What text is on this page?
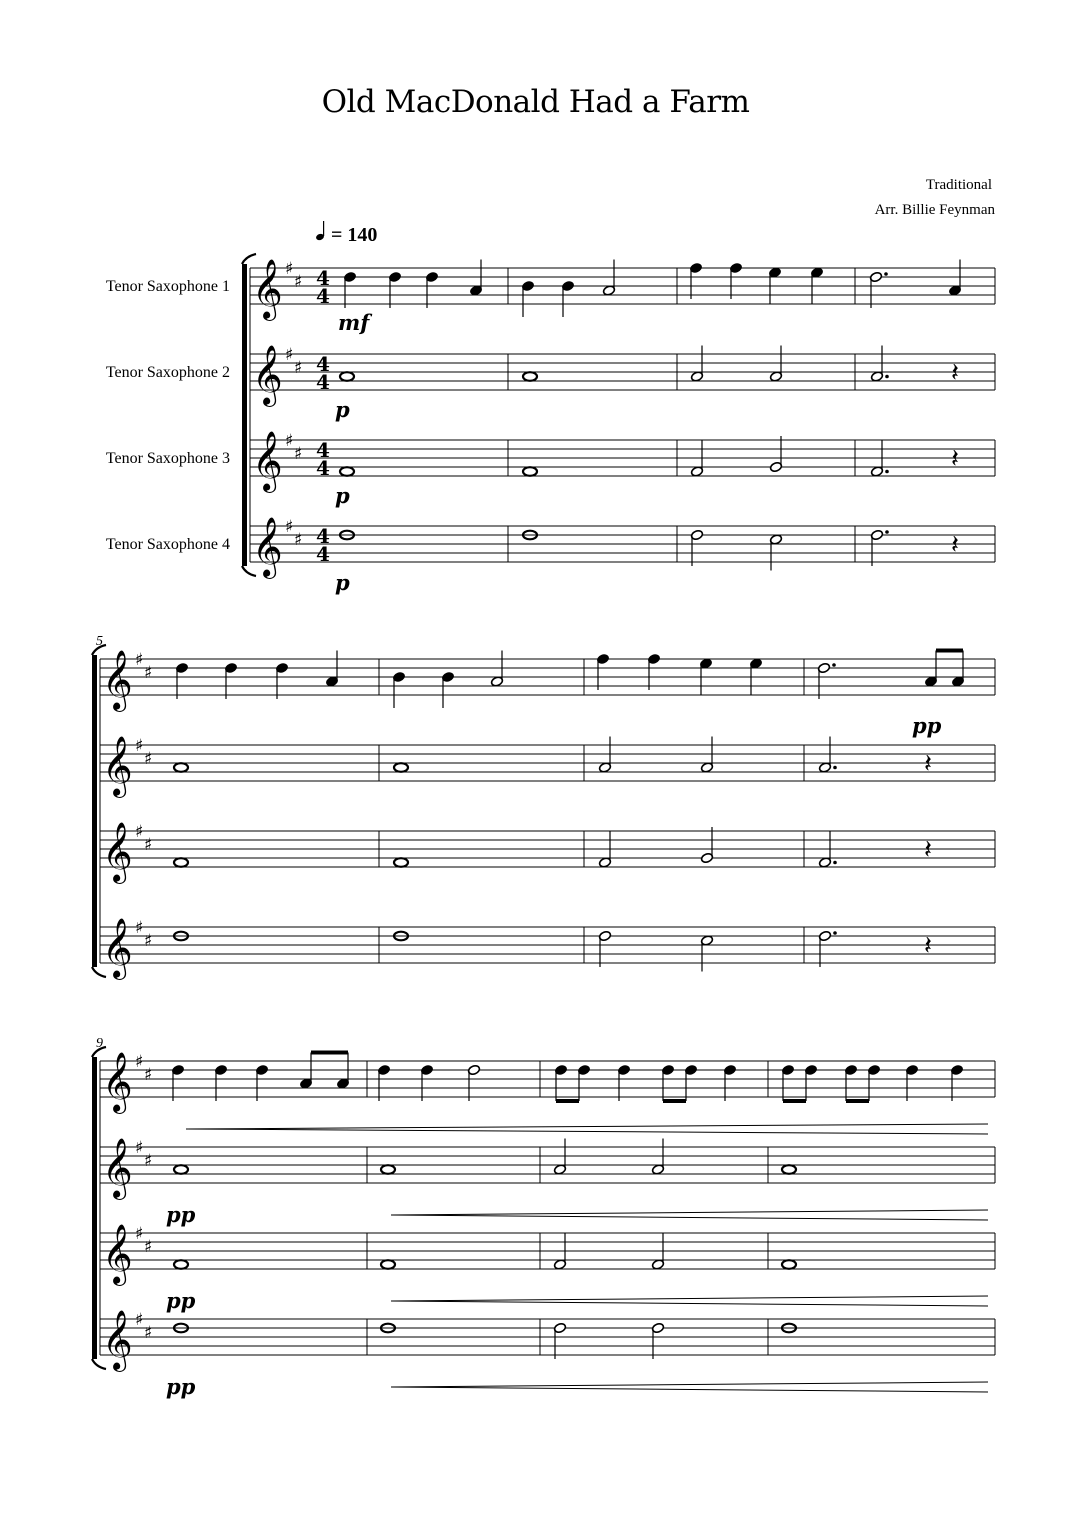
Old MacDonald Had a Farm
Traditional
Arr. Billie Feynman
= 140
Tenor Saxophone 1
Tenor Saxophone 2
Tenor Saxophone 3
Tenor Saxophone 4
5
9
mf
p
p
p
pp
pp
pp
pp
𝄞 ♯
♯ 4
4
𝄞 ♯
♯ 4
4
𝄞 ♯
♯ 4
4
𝄞 ♯
♯ 4
4
𝄽
𝄽
𝄽
𝄞 ♯
♯
𝄞 ♯
♯
𝄞 ♯
♯
𝄞 ♯
♯
𝄽
𝄽
𝄽
𝄞 ♯
♯
𝄞 ♯
♯
𝄞 ♯
♯
𝄞 ♯
♯
